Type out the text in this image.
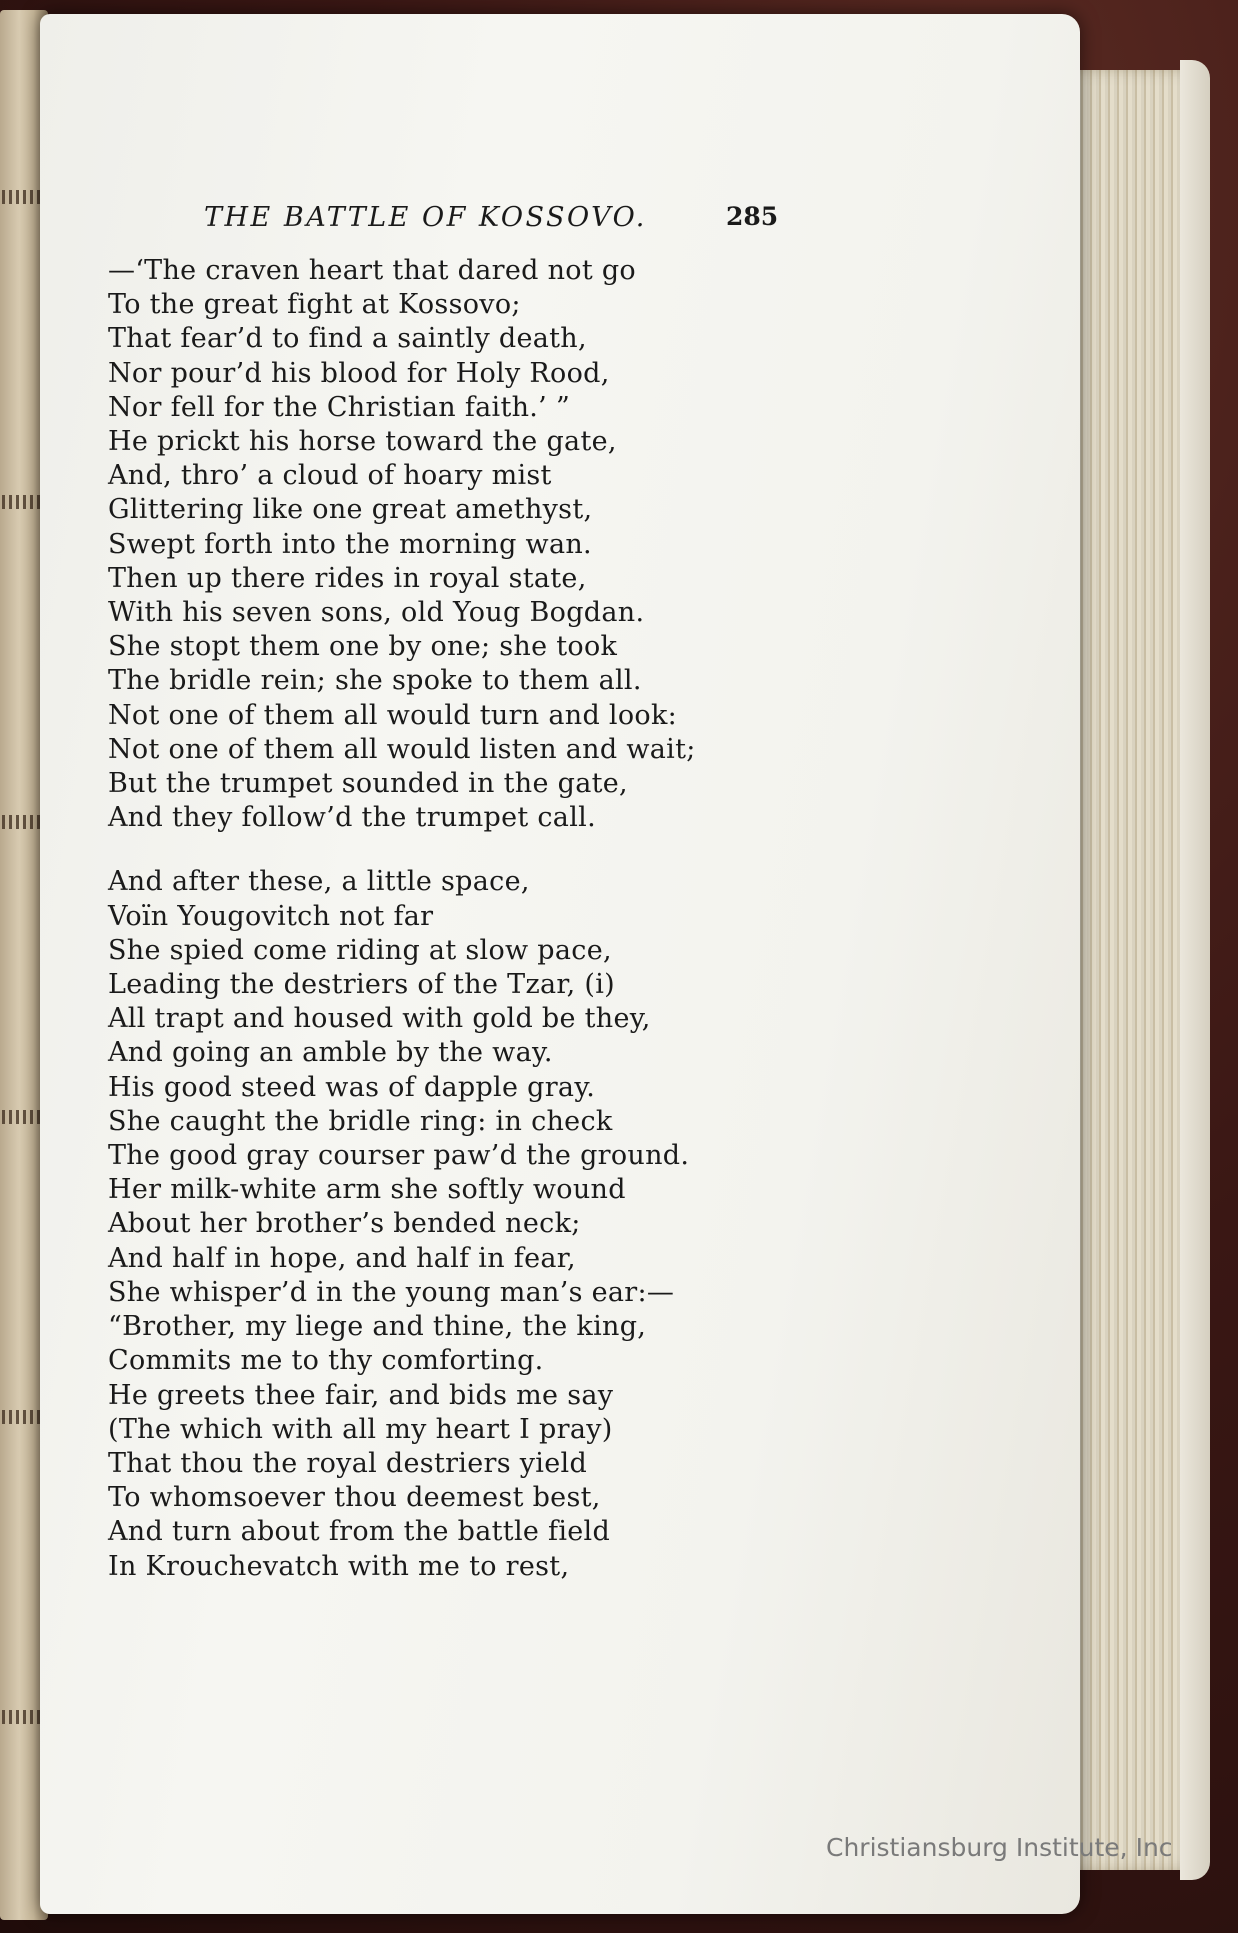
THE BATTLE OF KOSSOVO.	285
—‘The craven heart that dared not go
To the great fight at Kossovo;
That fear’d to find a saintly death,
Nor pour’d his blood for Holy Rood,
Nor fell for the Christian faith.’ ”
He prickt his horse toward the gate,
And, thro’ a cloud of hoary mist
Glittering like one great amethyst,
Swept forth into the morning wan.
Then up there rides in royal state,
With his seven sons, old Youg Bogdan.
She stopt them one by one; she took
The bridle rein; she spoke to them all.
Not one of them all would turn and look:
Not one of them all would listen and wait;
But the trumpet sounded in the gate,
And they follow’d the trumpet call.
And after these, a little space,
Voïn Yougovitch not far
She spied come riding at slow pace,
Leading the destriers of the Tzar, (i)
All trapt and housed with gold be they,
And going an amble by the way.
His good steed was of dapple gray.
She caught the bridle ring: in check
The good gray courser paw’d the ground.
Her milk-white arm she softly wound
About her brother’s bended neck;
And half in hope, and half in fear,
She whisper’d in the young man’s ear:—
“Brother, my liege and thine, the king,
Commits me to thy comforting.
He greets thee fair, and bids me say
(The which with all my heart I pray)
That thou the royal destriers yield
To whomsoever thou deemest best,
And turn about from the battle field
In Krouchevatch with me to rest,
Christiansburg Institute, Inc
